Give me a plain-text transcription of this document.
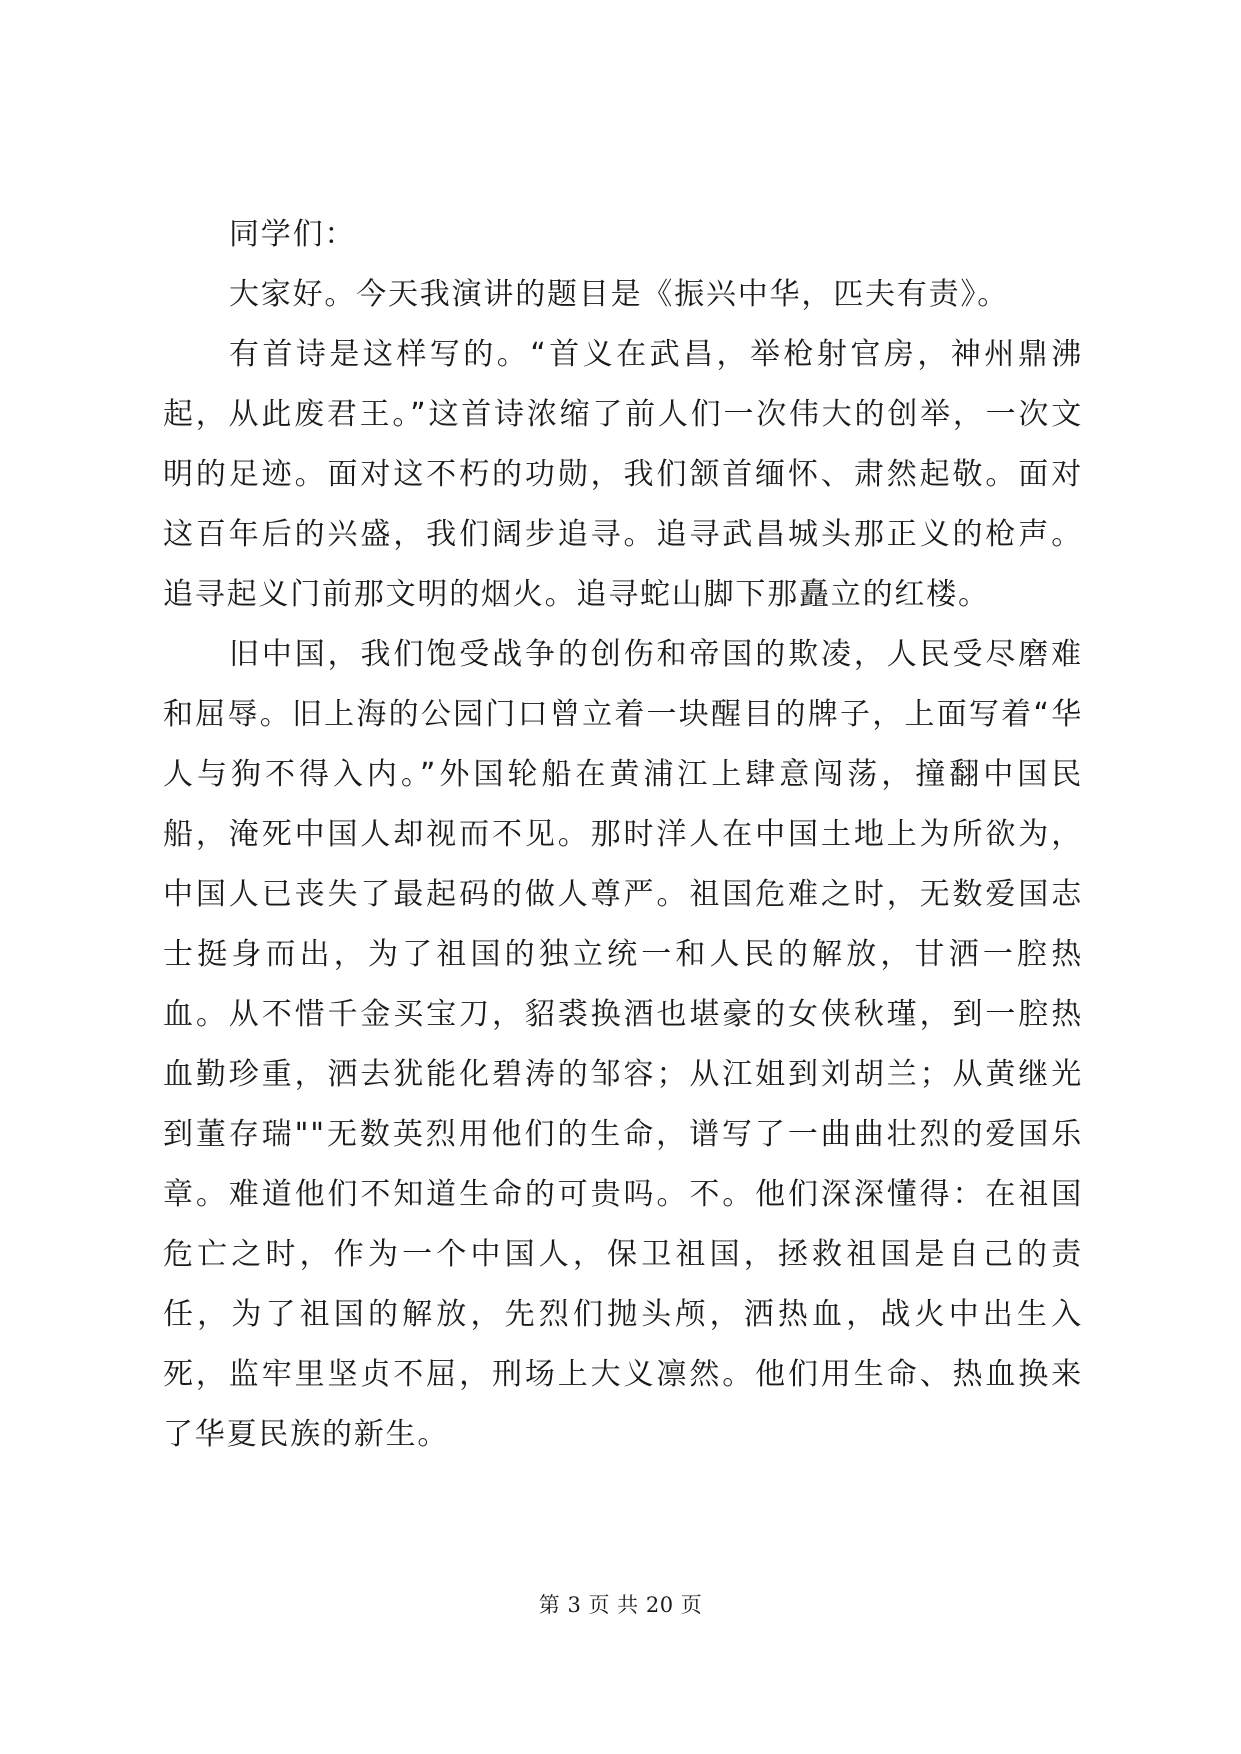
同学们：

大家好。今天我演讲的题目是《振兴中华，匹夫有责》。

有首诗是这样写的。“首义在武昌，举枪射官房，神州鼎沸起，从此废君王。”这首诗浓缩了前人们一次伟大的创举，一次文明的足迹。面对这不朽的功勋，我们颔首缅怀、肃然起敬。面对这百年后的兴盛，我们阔步追寻。追寻武昌城头那正义的枪声。追寻起义门前那文明的烟火。追寻蛇山脚下那矗立的红楼。

旧中国，我们饱受战争的创伤和帝国的欺凌，人民受尽磨难和屈辱。旧上海的公园门口曾立着一块醒目的牌子，上面写着“华人与狗不得入内。”外国轮船在黄浦江上肆意闯荡，撞翻中国民船，淹死中国人却视而不见。那时洋人在中国土地上为所欲为，中国人已丧失了最起码的做人尊严。祖国危难之时，无数爱国志士挺身而出，为了祖国的独立统一和人民的解放，甘洒一腔热血。从不惜千金买宝刀，貂裘换酒也堪豪的女侠秋瑾，到一腔热血勤珍重，洒去犹能化碧涛的邹容；从江姐到刘胡兰；从黄继光到董存瑞""无数英烈用他们的生命，谱写了一曲曲壮烈的爱国乐章。难道他们不知道生命的可贵吗。不。他们深深懂得：在祖国危亡之时，作为一个中国人，保卫祖国，拯救祖国是自己的责任，为了祖国的解放，先烈们抛头颅，洒热血，战火中出生入死，监牢里坚贞不屈，刑场上大义凛然。他们用生命、热血换来了华夏民族的新生。

第 3 页 共 20 页
